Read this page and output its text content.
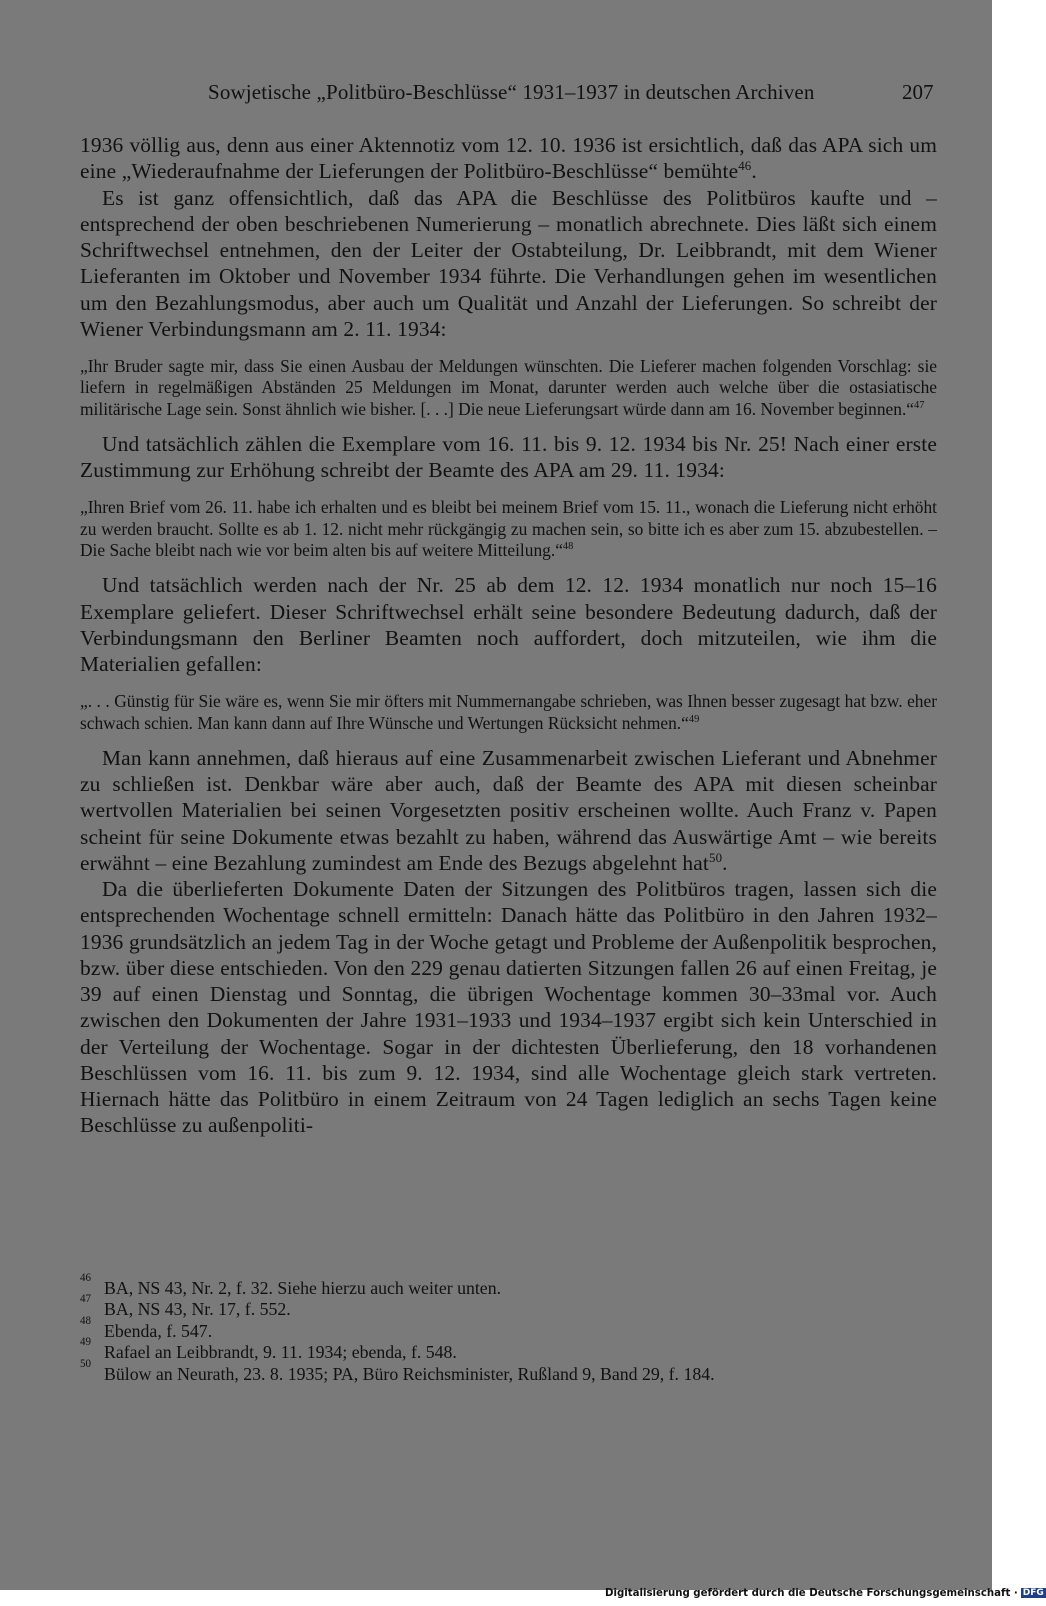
Sowjetische „Politbüro-Beschlüsse“ 1931–1937 in deutschen Archiven	207

1936 völlig aus, denn aus einer Aktennotiz vom 12. 10. 1936 ist ersichtlich, daß das APA sich um eine „Wiederaufnahme der Lieferungen der Politbüro-Beschlüsse“ bemühte$^{46}$.

Es ist ganz offensichtlich, daß das APA die Beschlüsse des Politbüros kaufte und – entsprechend der oben beschriebenen Numerierung – monatlich abrechnete. Dies läßt sich einem Schriftwechsel entnehmen, den der Leiter der Ostabteilung, Dr. Leibbrandt, mit dem Wiener Lieferanten im Oktober und November 1934 führte. Die Verhandlungen gehen im wesentlichen um den Bezahlungsmodus, aber auch um Qualität und Anzahl der Lieferungen. So schreibt der Wiener Verbindungsmann am 2. 11. 1934:

„Ihr Bruder sagte mir, dass Sie einen Ausbau der Meldungen wünschten. Die Lieferer machen folgenden Vorschlag: sie liefern in regelmäßigen Abständen 25 Meldungen im Monat, darunter werden auch welche über die ostasiatische militärische Lage sein. Sonst ähnlich wie bisher. [. . .] Die neue Lieferungsart würde dann am 16. November beginnen.“$^{47}$

Und tatsächlich zählen die Exemplare vom 16. 11. bis 9. 12. 1934 bis Nr. 25! Nach einer erste Zustimmung zur Erhöhung schreibt der Beamte des APA am 29. 11. 1934:

„Ihren Brief vom 26. 11. habe ich erhalten und es bleibt bei meinem Brief vom 15. 11., wonach die Lieferung nicht erhöht zu werden braucht. Sollte es ab 1. 12. nicht mehr rückgängig zu machen sein, so bitte ich es aber zum 15. abzubestellen. – Die Sache bleibt nach wie vor beim alten bis auf weitere Mitteilung.“$^{48}$

Und tatsächlich werden nach der Nr. 25 ab dem 12. 12. 1934 monatlich nur noch 15–16 Exemplare geliefert. Dieser Schriftwechsel erhält seine besondere Bedeutung dadurch, daß der Verbindungsmann den Berliner Beamten noch auffordert, doch mitzuteilen, wie ihm die Materialien gefallen:

„. . . Günstig für Sie wäre es, wenn Sie mir öfters mit Nummernangabe schrieben, was Ihnen besser zugesagt hat bzw. eher schwach schien. Man kann dann auf Ihre Wünsche und Wertungen Rücksicht nehmen.“$^{49}$

Man kann annehmen, daß hieraus auf eine Zusammenarbeit zwischen Lieferant und Abnehmer zu schließen ist. Denkbar wäre aber auch, daß der Beamte des APA mit diesen scheinbar wertvollen Materialien bei seinen Vorgesetzten positiv erscheinen wollte. Auch Franz v. Papen scheint für seine Dokumente etwas bezahlt zu haben, während das Auswärtige Amt – wie bereits erwähnt – eine Bezahlung zumindest am Ende des Bezugs abgelehnt hat$^{50}$.

Da die überlieferten Dokumente Daten der Sitzungen des Politbüros tragen, lassen sich die entsprechenden Wochentage schnell ermitteln: Danach hätte das Politbüro in den Jahren 1932–1936 grundsätzlich an jedem Tag in der Woche getagt und Probleme der Außenpolitik besprochen, bzw. über diese entschieden. Von den 229 genau datierten Sitzungen fallen 26 auf einen Freitag, je 39 auf einen Dienstag und Sonntag, die übrigen Wochentage kommen 30–33mal vor. Auch zwischen den Dokumenten der Jahre 1931–1933 und 1934–1937 ergibt sich kein Unterschied in der Verteilung der Wochentage. Sogar in der dichtesten Überlieferung, den 18 vorhandenen Beschlüssen vom 16. 11. bis zum 9. 12. 1934, sind alle Wochentage gleich stark vertreten. Hiernach hätte das Politbüro in einem Zeitraum von 24 Tagen lediglich an sechs Tagen keine Beschlüsse zu außenpoliti-

46 BA, NS 43, Nr. 2, f. 32. Siehe hierzu auch weiter unten.
47 BA, NS 43, Nr. 17, f. 552.
48 Ebenda, f. 547.
49 Rafael an Leibbrandt, 9. 11. 1934; ebenda, f. 548.
50 Bülow an Neurath, 23. 8. 1935; PA, Büro Reichsminister, Rußland 9, Band 29, f. 184.
Digitalisierung gefördert durch die Deutsche Forschungsgemeinschaft · DFG
